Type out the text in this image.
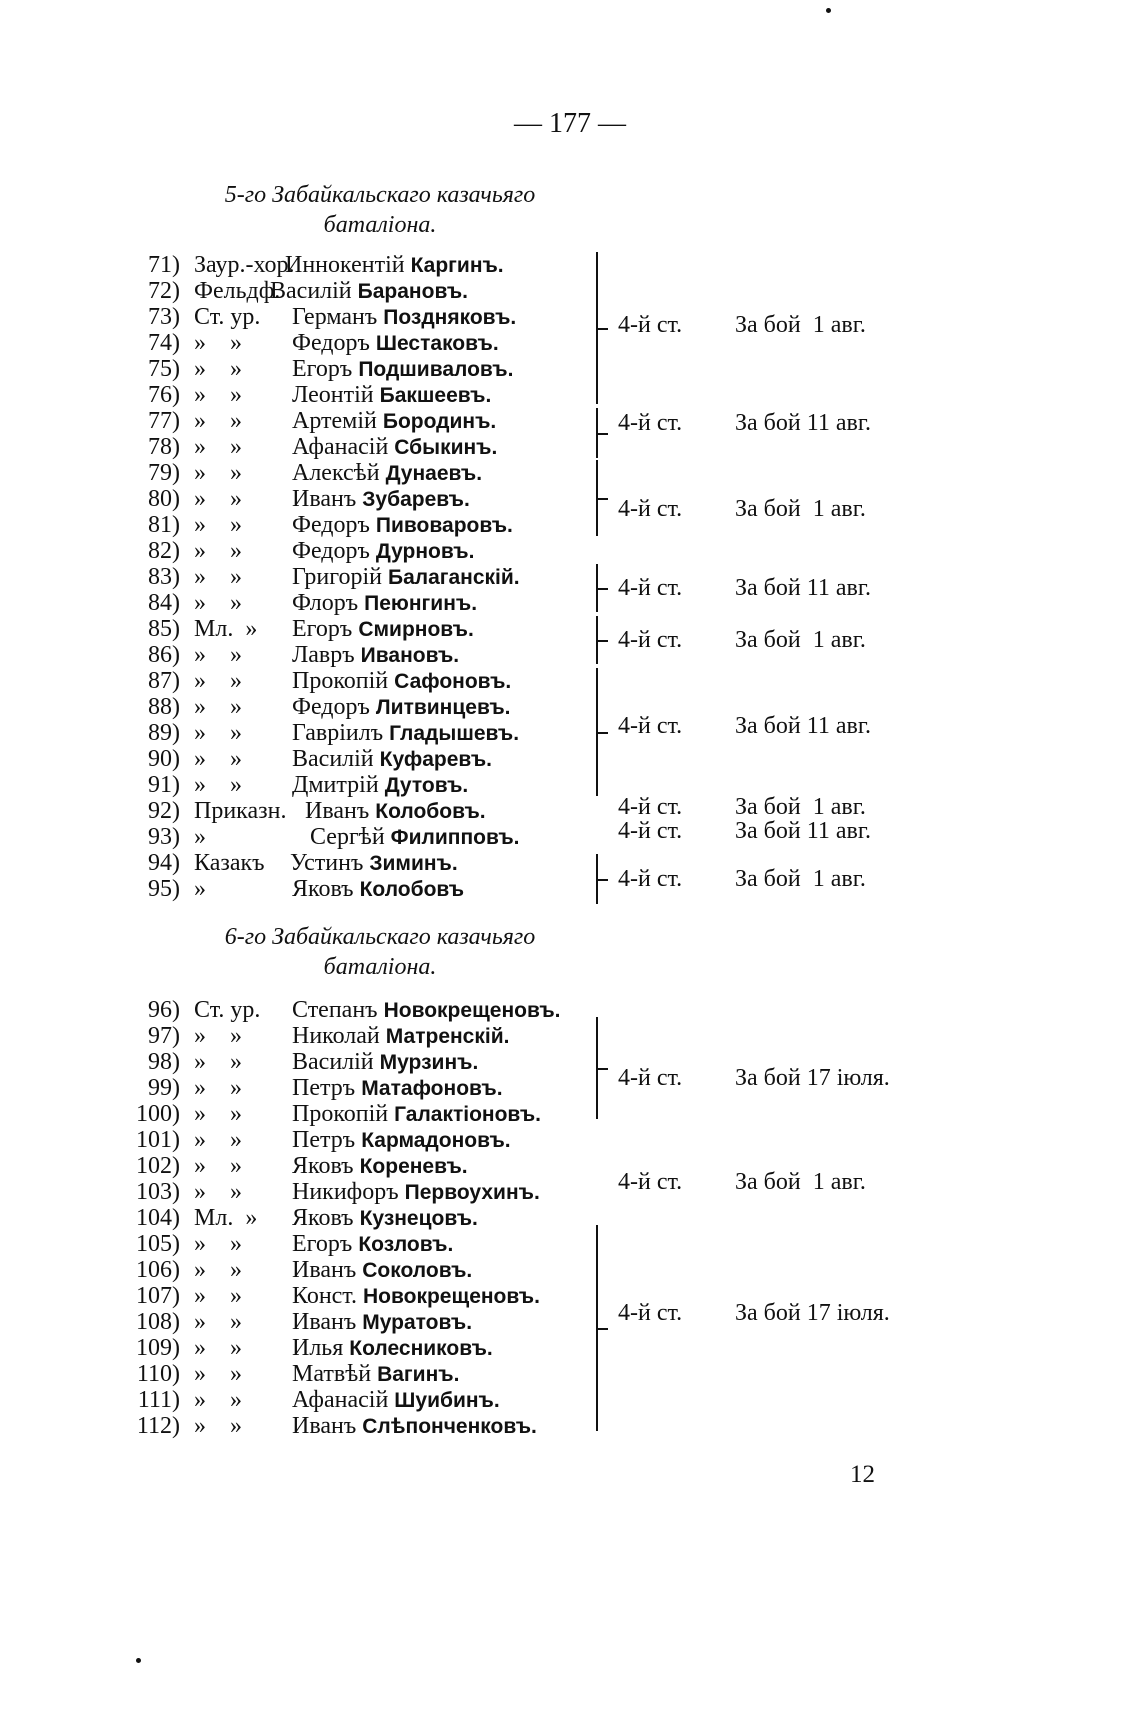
— 177 —
5-го Забайкальскаго казачьяго
баталіона.
71) Заур.-хор.
Иннокентій Каргинъ.
72) Фельдф.
Василій Барановъ.
73) Ст. ур. Германъ Поздняковъ.
74) »    » Федоръ Шестаковъ.
75) »    » Егоръ Подшиваловъ.
76) »    » Леонтій Бакшеевъ.
77) »    » Артемій Бородинъ.
78) »    » Афанасій Сбыкинъ.
79) »    » Алексѣй Дунаевъ.
80) »    » Иванъ Зубаревъ.
81) »    » Федоръ Пивоваровъ.
82) »    » Федоръ Дурновъ.
83) »    » Григорій Балаганскій.
84) »    » Флоръ Пеюнгинъ.
85) Мл.  » Егоръ Смирновъ.
86) »    » Лавръ Ивановъ.
87) »    » Прокопій Сафоновъ.
88) »    » Федоръ Литвинцевъ.
89) »    » Гавріилъ Гладышевъ.
90) »    » Василій Куфаревъ.
91) »    » Дмитрій Дутовъ.
92) Приказн. Иванъ Колобовъ.
93) »	Сергѣй Филипповъ.
94) Казакъ Устинъ Зиминъ.
95) »	Яковъ Колобовъ
4-й ст. За бой  1 авг.
4-й ст. За бой 11 авг.
4-й ст. За бой  1 авг.
4-й ст. За бой 11 авг.
4-й ст. За бой  1 авг.
4-й ст. За бой 11 авг.
4-й ст. За бой  1 авг.
4-й ст. За бой 11 авг.
4-й ст. За бой  1 авг.
6-го Забайкальскаго казачьяго
баталіона.
96) Ст. ур. Степанъ Новокрещеновъ.
97) »    » Николай Матренскій.
98) »    » Василій Мурзинъ.
99) »    » Петръ Матафоновъ.
100) »    » Прокопій Галактіоновъ.
101) »    » Петръ Кармадоновъ.
102) »    » Яковъ Кореневъ.
103) »    » Никифоръ Первоухинъ.
104) Мл.  » Яковъ Кузнецовъ.
105) »    » Егоръ Козловъ.
106) »    » Иванъ Соколовъ.
107) »    » Конст. Новокрещеновъ.
108) »    » Иванъ Муратовъ.
109) »    » Илья Колесниковъ.
110) »    » Матвѣй Вагинъ.
111) »    » Афанасій Шуибинъ.
112) »    » Иванъ Слѣпонченковъ.
4-й ст. За бой 17 іюля.
4-й ст. За бой  1 авг.
4-й ст. За бой 17 іюля.
12
